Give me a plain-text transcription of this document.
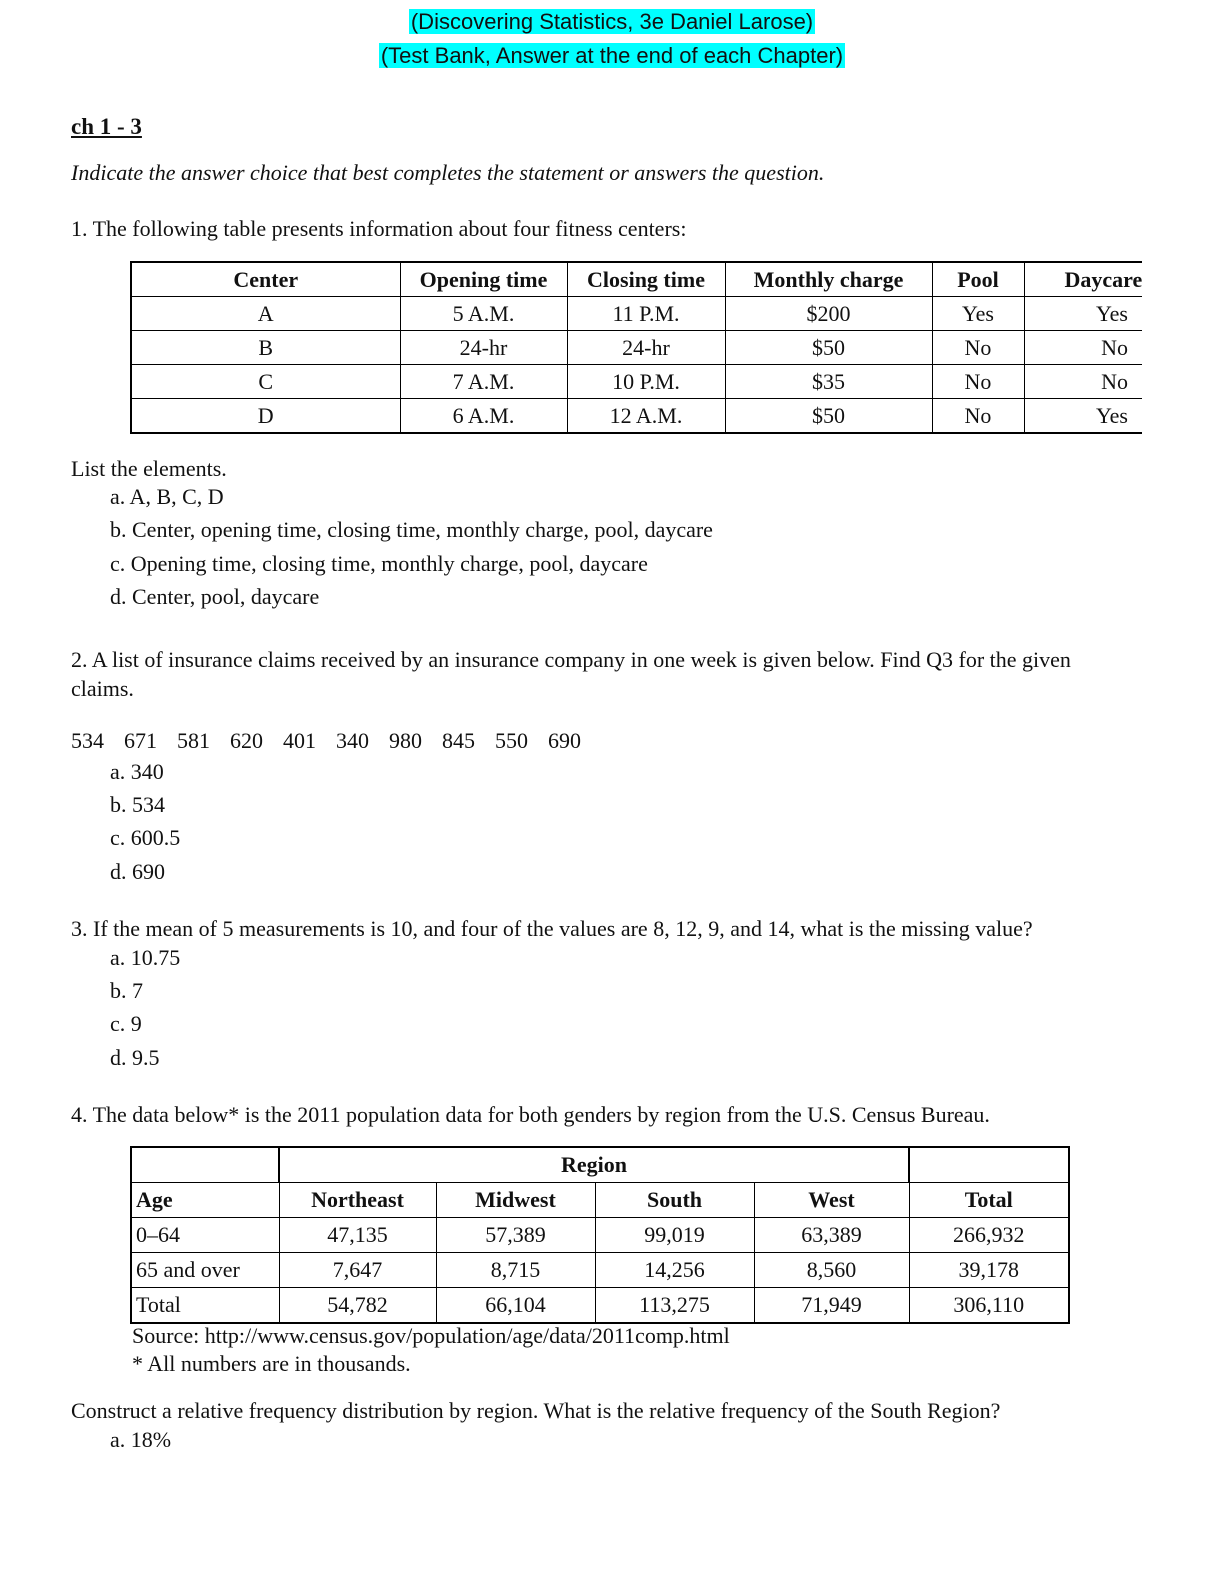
(Discovering Statistics, 3e Daniel Larose)
(Test Bank, Answer at the end of each Chapter)
ch 1 - 3
Indicate the answer choice that best completes the statement or answers the question.
1. The following table presents information about four fitness centers:
Center	Opening time	Closing time	Monthly charge	Pool	Daycare
A	5 A.M.	11 P.M.	$200	Yes	Yes
B	24-hr	24-hr	$50	No	No
C	7 A.M.	10 P.M.	$35	No	No
D	6 A.M.	12 A.M.	$50	No	Yes
List the elements.
a. A, B, C, D
b. Center, opening time, closing time, monthly charge, pool, daycare
c. Opening time, closing time, monthly charge, pool, daycare
d. Center, pool, daycare
2. A list of insurance claims received by an insurance company in one week is given below. Find Q3 for the given claims.
534 671 581 620 401 340 980 845 550 690
a. 340
b. 534
c. 600.5
d. 690
3. If the mean of 5 measurements is 10, and four of the values are 8, 12, 9, and 14, what is the missing value?
a. 10.75
b. 7
c. 9
d. 9.5
4. The data below* is the 2011 population data for both genders by region from the U.S. Census Bureau.
	Region				
Age	Northeast	Midwest	South	West	Total
0–64	47,135	57,389	99,019	63,389	266,932
65 and over	7,647	8,715	14,256	8,560	39,178
Total	54,782	66,104	113,275	71,949	306,110
Source: http://www.census.gov/population/age/data/2011comp.html
* All numbers are in thousands.
Construct a relative frequency distribution by region. What is the relative frequency of the South Region?
a. 18%
